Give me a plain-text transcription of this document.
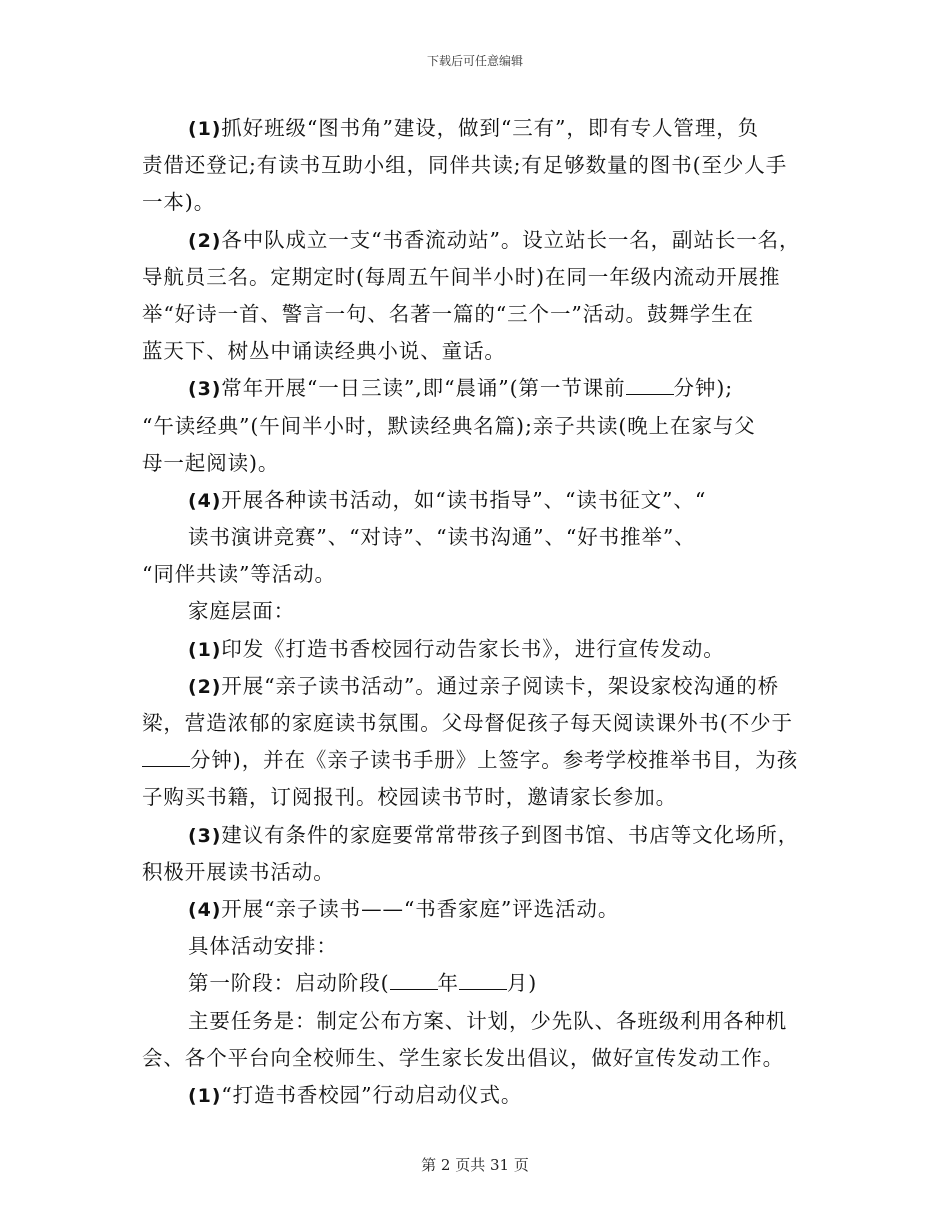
下载后可任意编辑
(1)抓好班级“图书角”建设，做到“三有”，即有专人管理，负
责借还登记;有读书互助小组，同伴共读;有足够数量的图书(至少人手
一本)。
(2)各中队成立一支“书香流动站”。设立站长一名，副站长一名，
导航员三名。定期定时(每周五午间半小时)在同一年级内流动开展推
举“好诗一首、警言一句、名著一篇的“三个一”活动。鼓舞学生在
蓝天下、树丛中诵读经典小说、童话。
(3)常年开展“一日三读”,即“晨诵”(第一节课前 分钟);
“午读经典”(午间半小时，默读经典名篇);亲子共读(晚上在家与父
母一起阅读)。
(4)开展各种读书活动，如“读书指导”、“读书征文”、“
读书演讲竞赛”、“对诗”、“读书沟通”、“好书推举”、
“同伴共读”等活动。
家庭层面：
(1)印发《打造书香校园行动告家长书》，进行宣传发动。
(2)开展“亲子读书活动”。通过亲子阅读卡，架设家校沟通的桥
梁，营造浓郁的家庭读书氛围。父母督促孩子每天阅读课外书(不少于
分钟)，并在《亲子读书手册》上签字。参考学校推举书目，为孩
子购买书籍，订阅报刊。校园读书节时，邀请家长参加。
(3)建议有条件的家庭要常常带孩子到图书馆、书店等文化场所，
积极开展读书活动。
(4)开展“亲子读书——“书香家庭”评选活动。
具体活动安排：
第一阶段：启动阶段( 年 月)
主要任务是：制定公布方案、计划，少先队、各班级利用各种机
会、各个平台向全校师生、学生家长发出倡议，做好宣传发动工作。
(1)“打造书香校园”行动启动仪式。
第 2 页共 31 页
